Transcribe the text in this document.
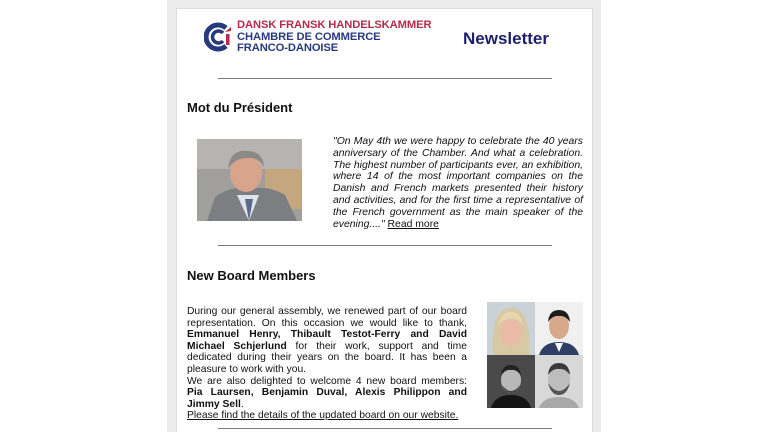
DANSK FRANSK HANDELSKAMMER
CHAMBRE DE COMMERCE
FRANCO-DANOISE	Newsletter
Mot du Président
"On May 4th we were happy to celebrate the 40 years anniversary of the Chamber. And what a celebration. The highest number of participants ever, an exhibition, where 14 of the most important companies on the Danish and French markets presented their history and activities, and for the first time a representative of the French government as the main speaker of the evening...." Read more
New Board Members
During our general assembly, we renewed part of our board representation. On this occasion we would like to thank, Emmanuel Henry, Thibault Testot-Ferry and David Michael Schjerlund for their work, support and time dedicated during their years on the board. It has been a pleasure to work with you.
We are also delighted to welcome 4 new board members: Pia Laursen, Benjamin Duval, Alexis Philippon and Jimmy Sell.
Please find the details of the updated board on our website.
